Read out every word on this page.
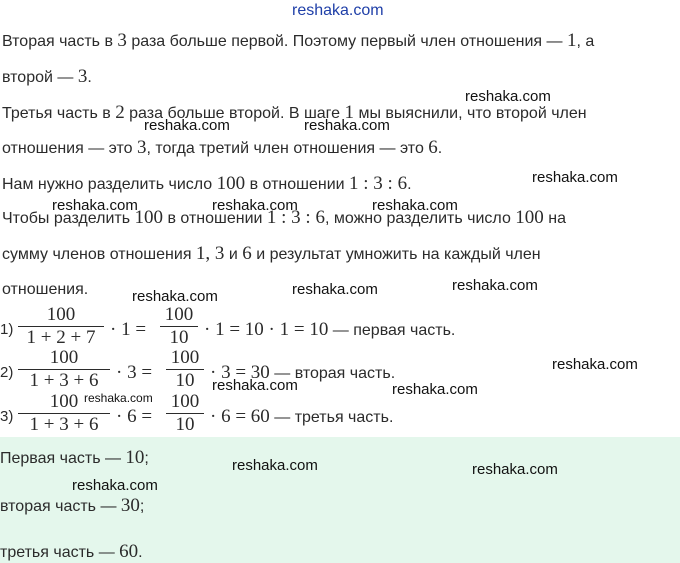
reshaka.com
reshaka.com
reshaka.com	reshaka.com
reshaka.com
reshaka.com	reshaka.com	reshaka.com
reshaka.com	reshaka.com	reshaka.com
reshaka.com
reshaka.com	reshaka.com
reshaka.com
reshaka.com	reshaka.com
reshaka.com
Вторая часть в 3 раза больше первой. Поэтому первый член отношения — 1, а
второй — 3.
Третья часть в 2 раза больше второй. В шаге 1 мы выяснили, что второй член
отношения — это 3, тогда третий член отношения — это 6.
Нам нужно разделить число 100 в отношении 1 : 3 : 6.
Чтобы разделить 100 в отношении 1 : 3 : 6, можно разделить число 100 на
сумму членов отношения 1, 3 и 6 и результат умножить на каждый член
отношения.
1)
100
1 + 2 + 7 · 1 =
100
10 · 1 = 10 · 1 = 10 — первая часть.
2)
100
1 + 3 + 6 · 3 =
100
10 · 3 = 30 — вторая часть.
3)
100
1 + 3 + 6 · 6 =
100
10 · 6 = 60 — третья часть.
Первая часть — 10;
вторая часть — 30;
третья часть — 60.
